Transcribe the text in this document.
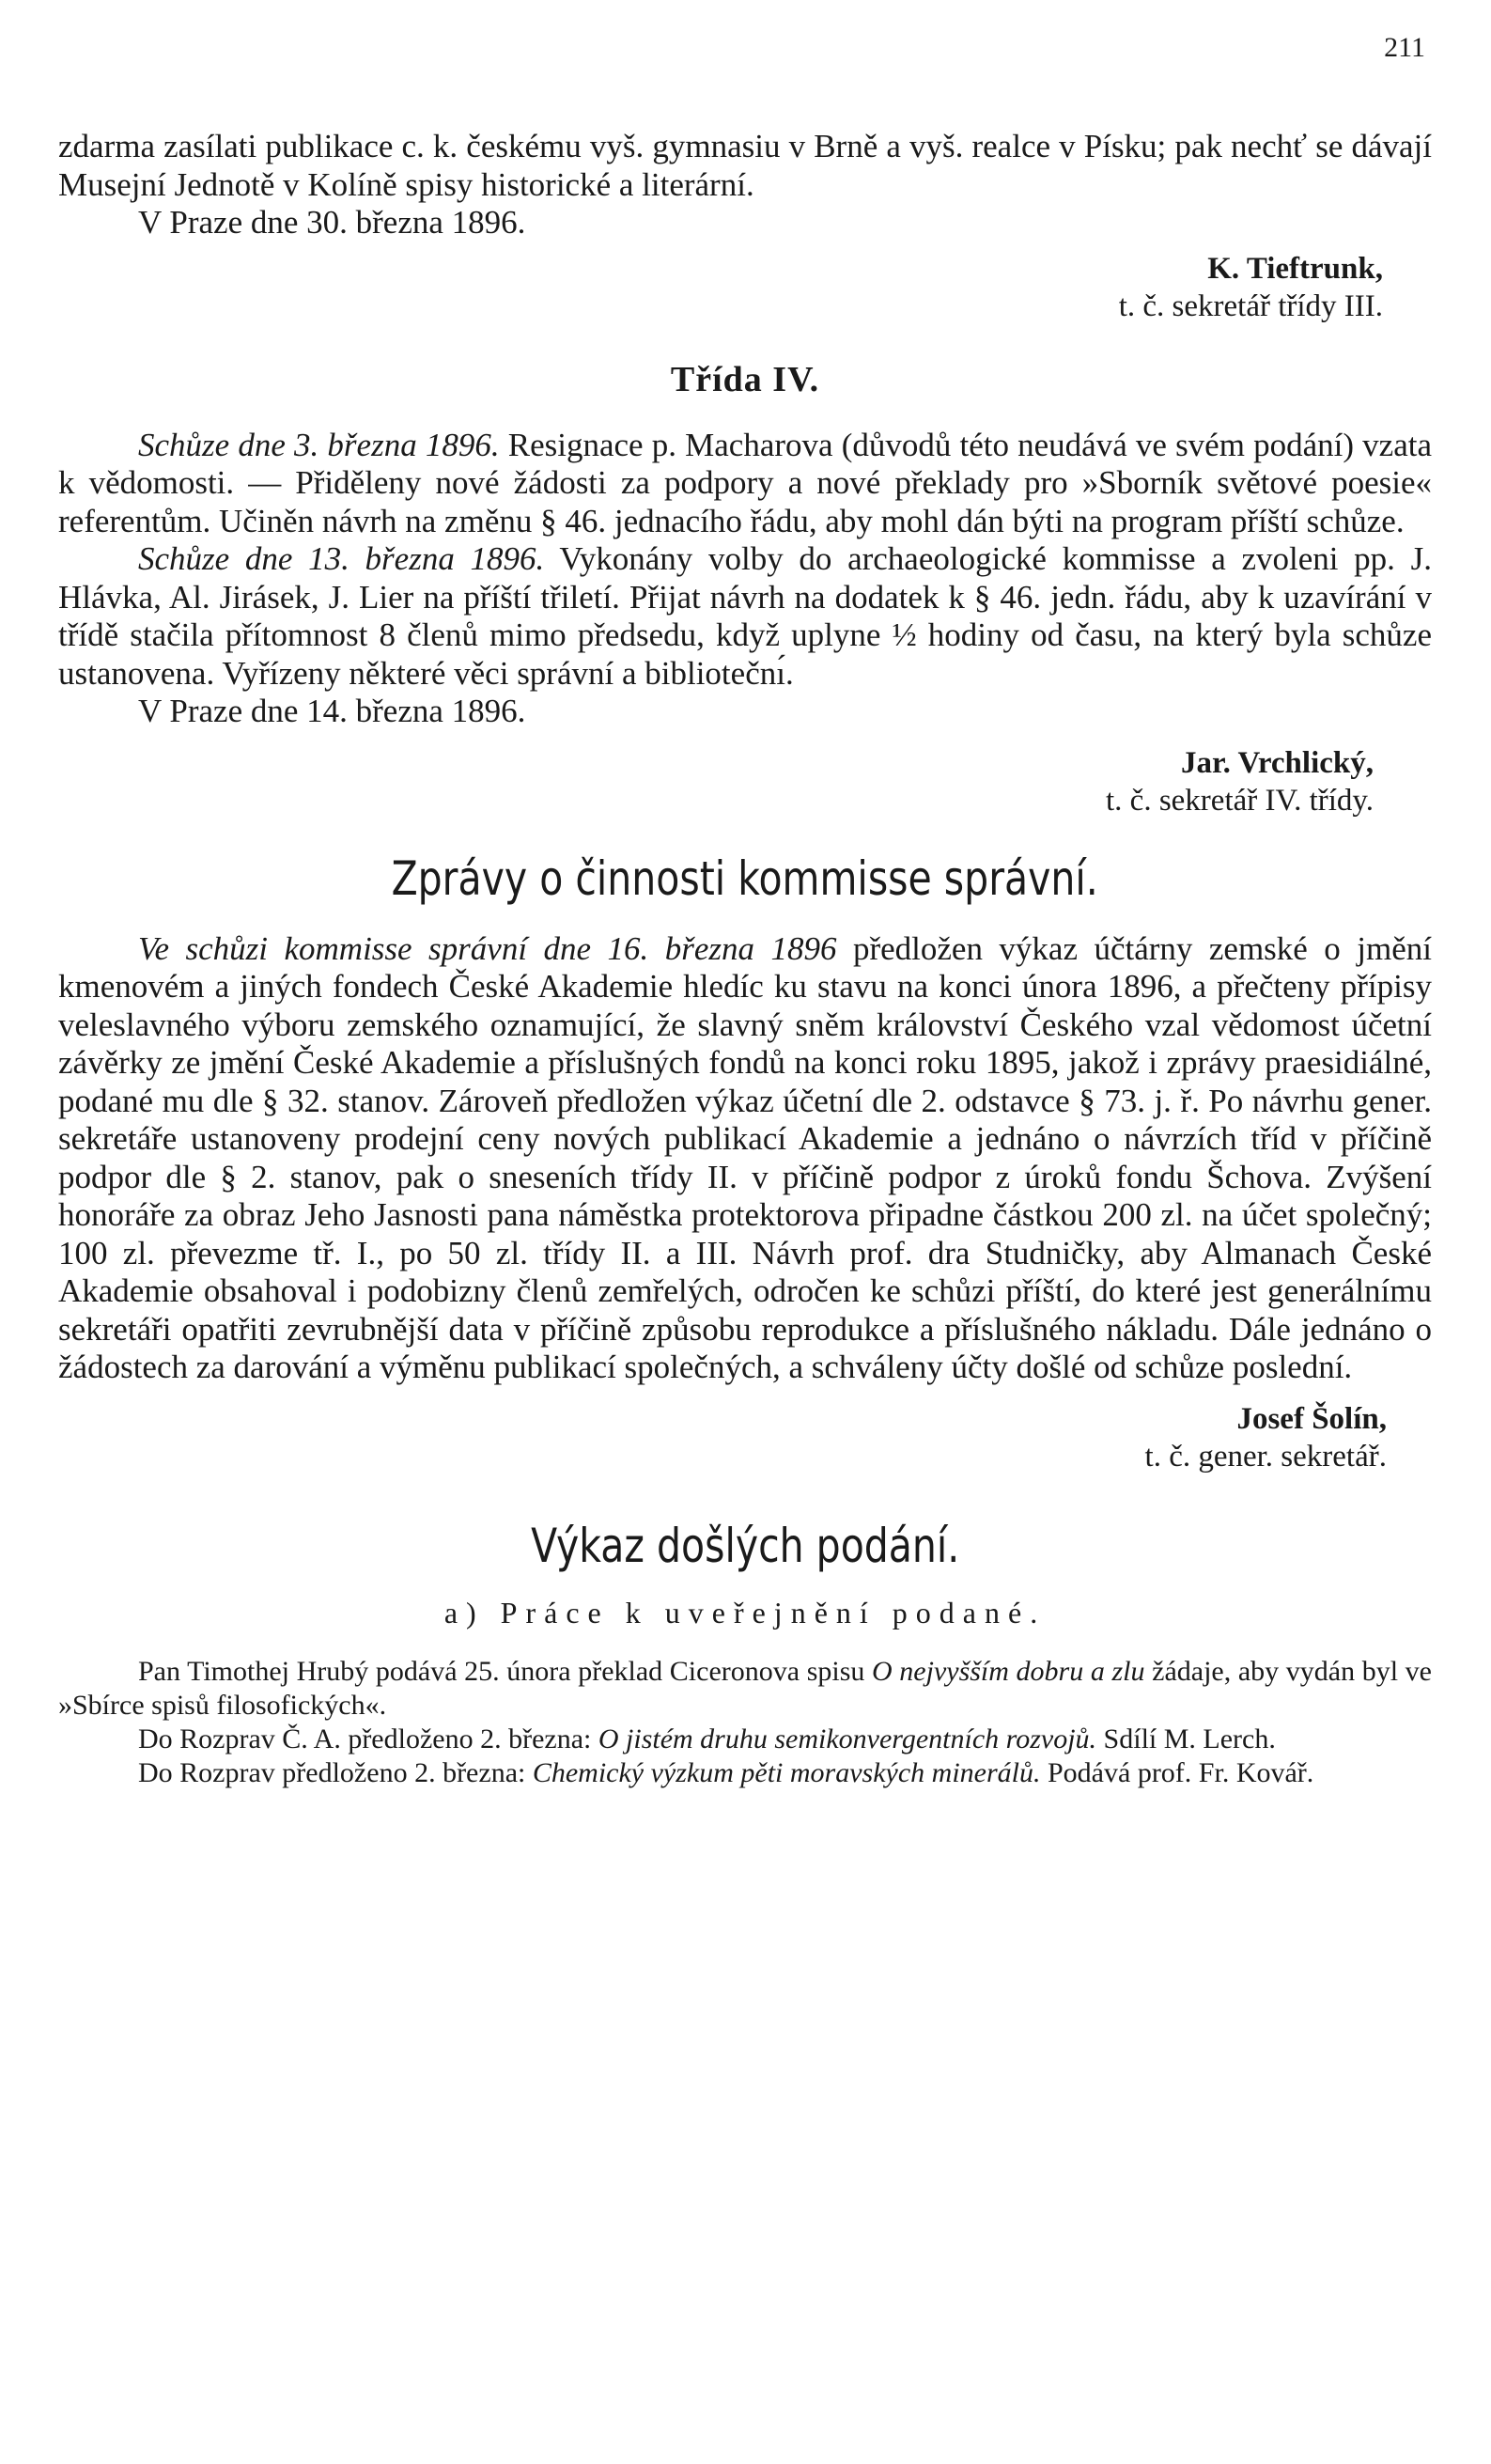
211

zdarma zasílati publikace c. k. českému vyš. gymnasiu v Brně a vyš. realce v Písku; pak nechť se dávají Musejní Jednotě v Kolíně spisy historické a literární.

V Praze dne 30. března 1896.

K. Tieftrunk,
t. č. sekretář třídy III.
Třída IV.

Schůze dne 3. března 1896. Resignace p. Macharova (důvodů této neudává ve svém podání) vzata k vědomosti. — Přiděleny nové žádosti za podpory a nové překlady pro »Sborník světové poesie« referentům. Učiněn návrh na změnu § 46. jednacího řádu, aby mohl dán býti na program příští schůze.

Schůze dne 13. března 1896. Vykonány volby do archaeologické kommisse a zvoleni pp. J. Hlávka, Al. Jirásek, J. Lier na příští třiletí. Přijat návrh na dodatek k § 46. jedn. řádu, aby k uzavírání v třídě stačila přítomnost 8 členů mimo předsedu, když uplyne ½ hodiny od času, na který byla schůze ustanovena. Vyřízeny některé věci správní a bibliotečnı́.

V Praze dne 14. března 1896.

Jar. Vrchlický,
t. č. sekretář IV. třídy.
Zprávy o činnosti kommisse správní.

Ve schůzi kommisse správní dne 16. března 1896 předložen výkaz účtárny zemské o jmění kmenovém a jiných fondech České Akademie hledíc ku stavu na konci února 1896, a přečteny přípisy veleslavného výboru zemského oznamující, že slavný sněm království Českého vzal vědomost účetní závěrky ze jmění České Akademie a příslušných fondů na konci roku 1895, jakož i zprávy praesidiálné, podané mu dle § 32. stanov. Zároveň předložen výkaz účetní dle 2. odstavce § 73. j. ř. Po návrhu gener. sekretáře ustanoveny prodejní ceny nových publikací Akademie a jednáno o návrzích tříd v příčině podpor dle § 2. stanov, pak o sneseních třídy II. v příčině podpor z úroků fondu Šchova. Zvýšení honoráře za obraz Jeho Jasnosti pana náměstka protektorova připadne částkou 200 zl. na účet společný; 100 zl. převezme tř. I., po 50 zl. třídy II. a III. Návrh prof. dra Studničky, aby Almanach České Akademie obsahoval i podobizny členů zemřelých, odročen ke schůzi příští, do které jest generálnímu sekretáři opatřiti zevrubnější data v příčině způsobu reprodukce a příslušného nákladu. Dále jednáno o žádostech za darování a výměnu publikací společných, a schváleny účty došlé od schůze poslední.

Josef Šolín,
t. č. gener. sekretář.
Výkaz došlých podání.
a) Práce k uveřejnění podané.

Pan Timothej Hrubý podává 25. února překlad Ciceronova spisu O nejvyšším dobru a zlu žádaje, aby vydán byl ve »Sbírce spisů filosofických«.

Do Rozprav Č. A. předloženo 2. března: O jistém druhu semikonvergentních rozvojů. Sdílí M. Lerch.

Do Rozprav předloženo 2. března: Chemický výzkum pěti moravských minerálů. Podává prof. Fr. Kovář.
